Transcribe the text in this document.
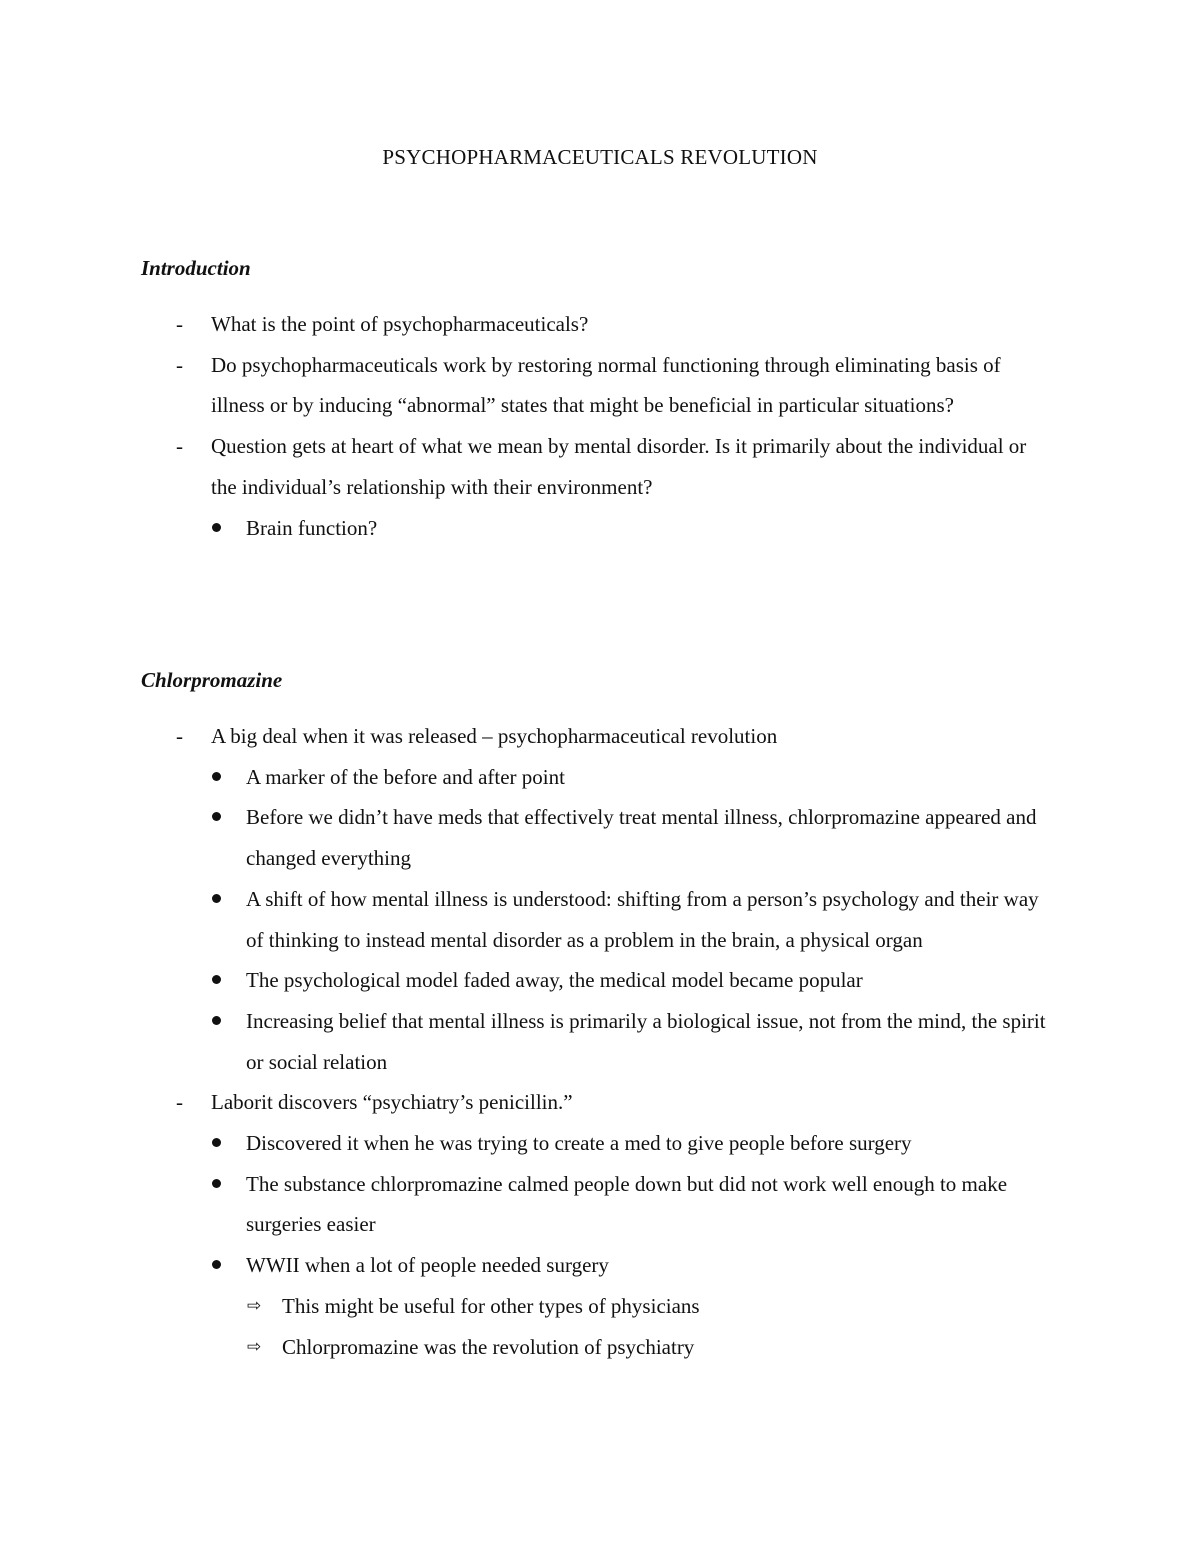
PSYCHOPHARMACEUTICALS REVOLUTION
Introduction
- What is the point of psychopharmaceuticals?
- Do psychopharmaceuticals work by restoring normal functioning through eliminating basis of illness or by inducing “abnormal” states that might be beneficial in particular situations?
- Question gets at heart of what we mean by mental disorder. Is it primarily about the individual or the individual’s relationship with their environment?
Brain function?
Chlorpromazine
- A big deal when it was released – psychopharmaceutical revolution
A marker of the before and after point
Before we didn’t have meds that effectively treat mental illness, chlorpromazine appeared and changed everything
A shift of how mental illness is understood: shifting from a person’s psychology and their way of thinking to instead mental disorder as a problem in the brain, a physical organ
The psychological model faded away, the medical model became popular
Increasing belief that mental illness is primarily a biological issue, not from the mind, the spirit or social relation
- Laborit discovers “psychiatry’s penicillin.”
Discovered it when he was trying to create a med to give people before surgery
The substance chlorpromazine calmed people down but did not work well enough to make surgeries easier
WWII when a lot of people needed surgery
⇨ This might be useful for other types of physicians
⇨ Chlorpromazine was the revolution of psychiatry
